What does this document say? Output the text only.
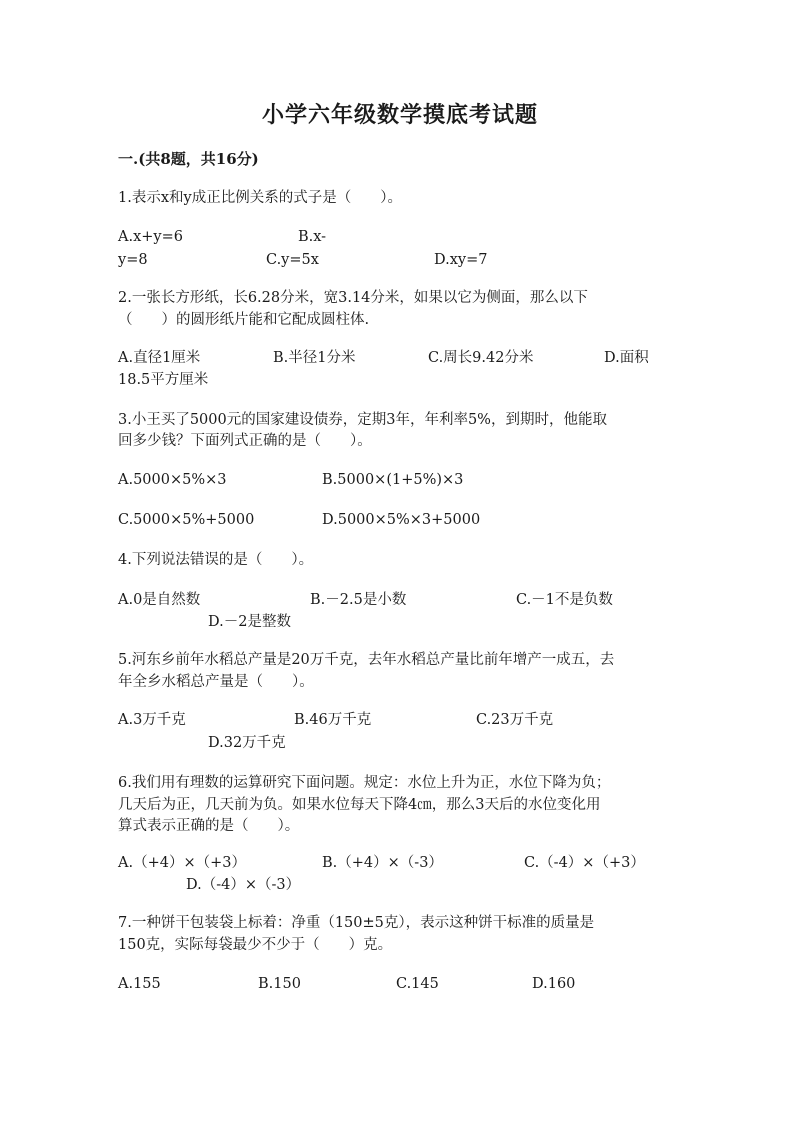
小学六年级数学摸底考试题
一.(共8题，共16分)
1.表示x和y成正比例关系的式子是（　　）。
A.x+y=6	B.x-
y=8	C.y=5x	D.xy=7
2.一张长方形纸，长6.28分米，宽3.14分米，如果以它为侧面，那么以下
（　　）的圆形纸片能和它配成圆柱体.
A.直径1厘米	B.半径1分米	C.周长9.42分米	D.面积
18.5平方厘米
3.小王买了5000元的国家建设债券，定期3年，年利率5%，到期时，他能取
回多少钱？下面列式正确的是（　　）。
A.5000×5%×3	B.5000×(1+5%)×3
C.5000×5%+5000	D.5000×5%×3+5000
4.下列说法错误的是（　　）。
A.0是自然数	B.－2.5是小数	C.－1不是负数
D.－2是整数
5.河东乡前年水稻总产量是20万千克，去年水稻总产量比前年增产一成五，去
年全乡水稻总产量是（　　）。
A.3万千克	B.46万千克	C.23万千克
D.32万千克
6.我们用有理数的运算研究下面问题。规定：水位上升为正，水位下降为负；
几天后为正，几天前为负。如果水位每天下降4㎝，那么3天后的水位变化用
算式表示正确的是（　　）。
A.（+4）×（+3）	B.（+4）×（-3）	C.（-4）×（+3）
D.（-4）×（-3）
7.一种饼干包装袋上标着：净重（150±5克），表示这种饼干标准的质量是
150克，实际每袋最少不少于（　　）克。
A.155	B.150	C.145	D.160
